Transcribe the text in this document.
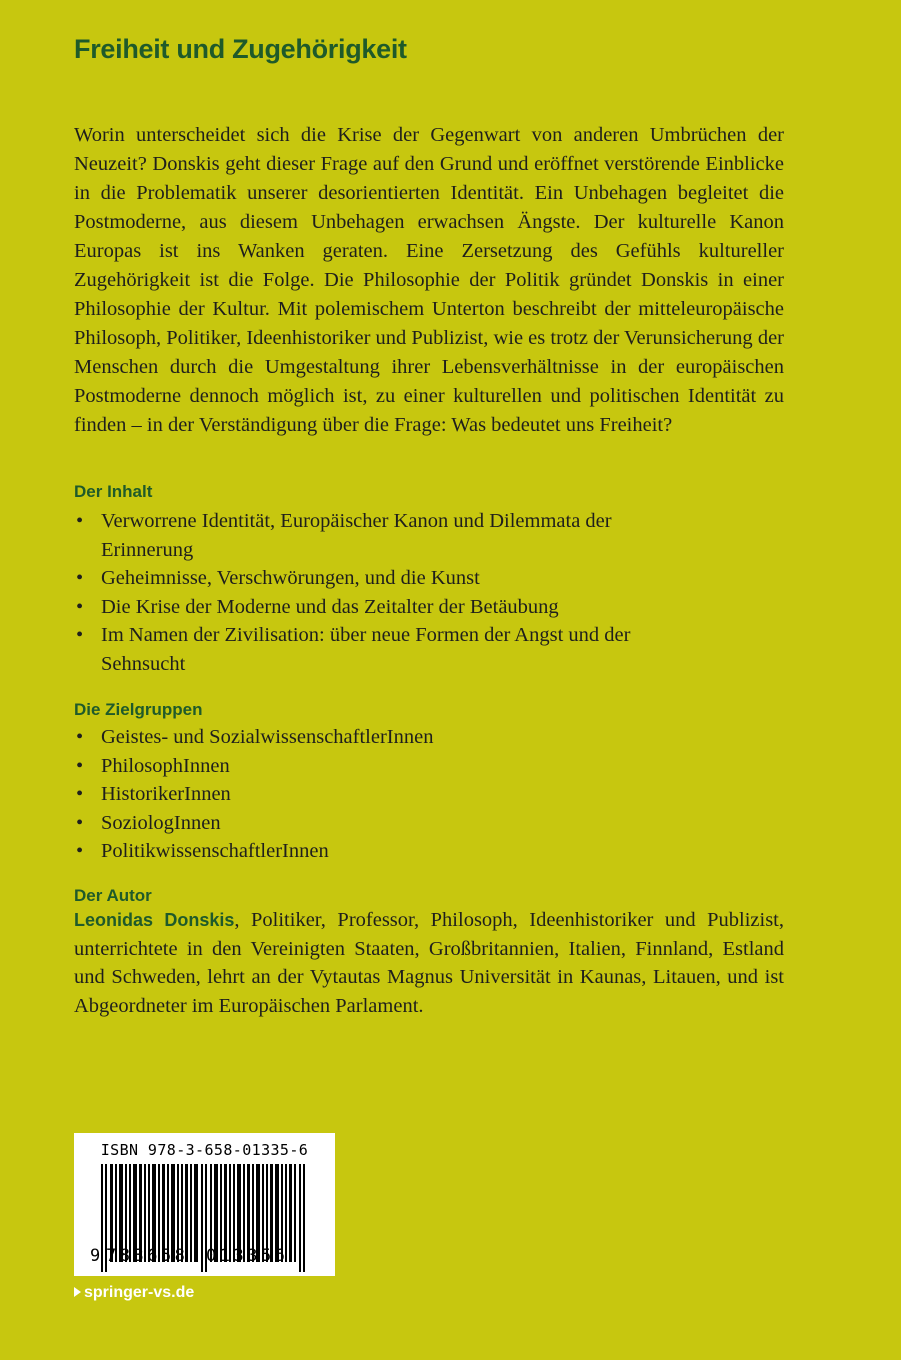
Freiheit und Zugehörigkeit

Worin unterscheidet sich die Krise der Gegenwart von anderen Umbrüchen der Neuzeit? Donskis geht dieser Frage auf den Grund und eröffnet verstörende Einblicke in die Problematik unserer desorientierten Identität. Ein Unbehagen begleitet die Postmoderne, aus diesem Unbehagen erwachsen Ängste. Der kulturelle Kanon Europas ist ins Wanken geraten. Eine Zersetzung des Gefühls kultureller Zugehörigkeit ist die Folge. Die Philosophie der Politik gründet Donskis in einer Philosophie der Kultur. Mit polemischem Unterton beschreibt der mitteleuropäische Philosoph, Politiker, Ideenhistoriker und Publizist, wie es trotz der Verunsicherung der Menschen durch die Umgestaltung ihrer Lebensverhältnisse in der europäischen Postmoderne dennoch möglich ist, zu einer kulturellen und politischen Identität zu finden – in der Verständigung über die Frage: Was bedeutet uns Freiheit?

Der Inhalt
• Verworrene Identität, Europäischer Kanon und Dilemmata der Erinnerung
• Geheimnisse, Verschwörungen, und die Kunst
• Die Krise der Moderne und das Zeitalter der Betäubung
• Im Namen der Zivilisation: über neue Formen der Angst und der Sehnsucht
Die Zielgruppen
• Geistes- und SozialwissenschaftlerInnen
• PhilosophInnen
• HistorikerInnen
• SoziologInnen
• PolitikwissenschaftlerInnen
Der Autor

Leonidas Donskis, Politiker, Professor, Philosoph, Ideenhistoriker und Publizist, unterrichtete in den Vereinigten Staaten, Großbritannien, Italien, Finnland, Estland und Schweden, lehrt an der Vytautas Magnus Universität in Kaunas, Litauen, und ist Abgeordneter im Europäischen Parlament.

ISBN 978-3-658-01335-6
9 783658	013356
springer-vs.de
